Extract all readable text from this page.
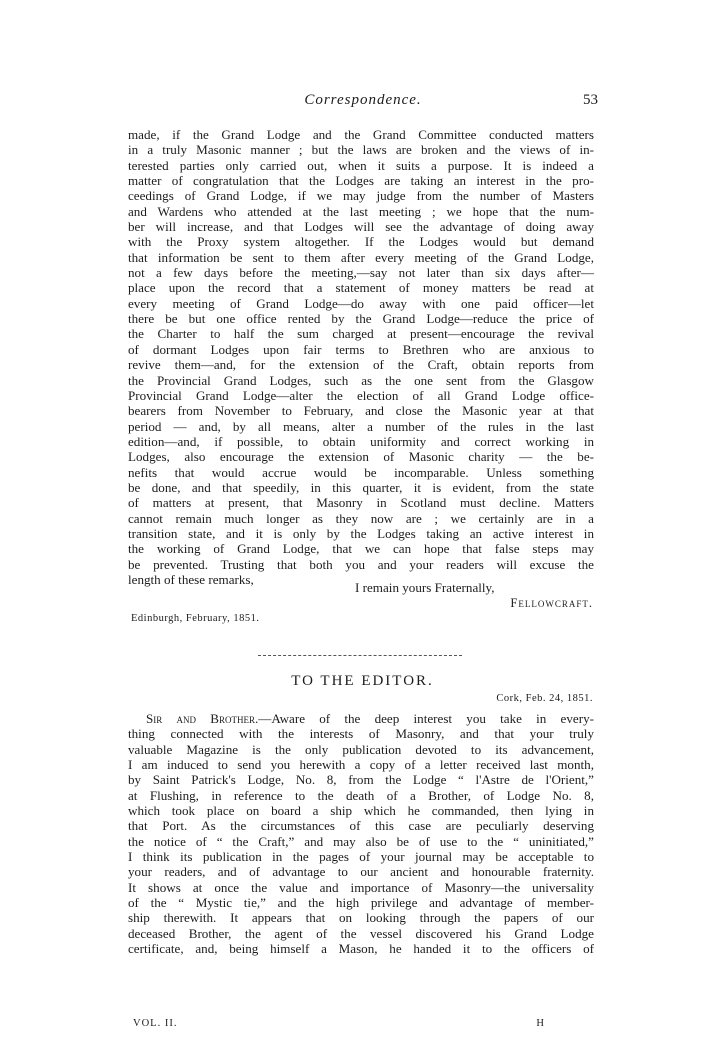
Correspondence.	53
made, if the Grand Lodge and the Grand Committee conducted matters
in a truly Masonic manner ; but the laws are broken and the views of in-
terested parties only carried out, when it suits a purpose. It is indeed a
matter of congratulation that the Lodges are taking an interest in the pro-
ceedings of Grand Lodge, if we may judge from the number of Masters
and Wardens who attended at the last meeting ; we hope that the num-
ber will increase, and that Lodges will see the advantage of doing away
with the Proxy system altogether. If the Lodges would but demand
that information be sent to them after every meeting of the Grand Lodge,
not a few days before the meeting,—say not later than six days after—
place upon the record that a statement of money matters be read at
every meeting of Grand Lodge—do away with one paid officer—let
there be but one office rented by the Grand Lodge—reduce the price of
the Charter to half the sum charged at present—encourage the revival
of dormant Lodges upon fair terms to Brethren who are anxious to
revive them—and, for the extension of the Craft, obtain reports from
the Provincial Grand Lodges, such as the one sent from the Glasgow
Provincial Grand Lodge—alter the election of all Grand Lodge office-
bearers from November to February, and close the Masonic year at that
period — and, by all means, alter a number of the rules in the last
edition—and, if possible, to obtain uniformity and correct working in
Lodges, also encourage the extension of Masonic charity — the be-
nefits that would accrue would be incomparable. Unless something
be done, and that speedily, in this quarter, it is evident, from the state
of matters at present, that Masonry in Scotland must decline. Matters
cannot remain much longer as they now are ; we certainly are in a
transition state, and it is only by the Lodges taking an active interest in
the working of Grand Lodge, that we can hope that false steps may
be prevented. Trusting that both you and your readers will excuse the
length of these remarks,
I remain yours Fraternally,
Fellowcraft.
Edinburgh, February, 1851.
TO THE EDITOR.
Cork, Feb. 24, 1851.
Sir and Brother.—Aware of the deep interest you take in every-
thing connected with the interests of Masonry, and that your truly
valuable Magazine is the only publication devoted to its advancement,
I am induced to send you herewith a copy of a letter received last month,
by Saint Patrick's Lodge, No. 8, from the Lodge “ l'Astre de l'Orient,”
at Flushing, in reference to the death of a Brother, of Lodge No. 8,
which took place on board a ship which he commanded, then lying in
that Port. As the circumstances of this case are peculiarly deserving
the notice of “ the Craft,” and may also be of use to the “ uninitiated,”
I think its publication in the pages of your journal may be acceptable to
your readers, and of advantage to our ancient and honourable fraternity.
It shows at once the value and importance of Masonry—the universality
of the “ Mystic tie,” and the high privilege and advantage of member-
ship therewith. It appears that on looking through the papers of our
deceased Brother, the agent of the vessel discovered his Grand Lodge
certificate, and, being himself a Mason, he handed it to the officers of
VOL. II.	H
